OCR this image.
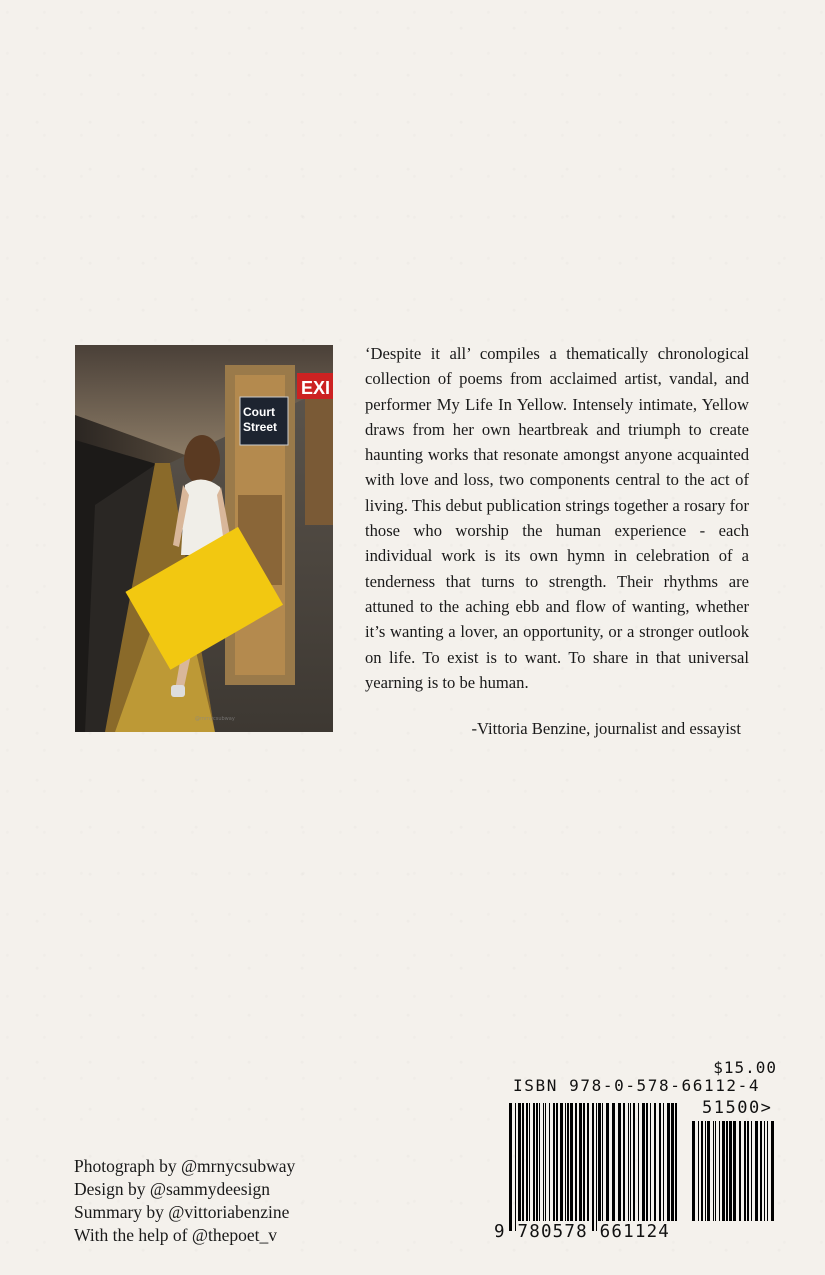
EXI
Court
Street
@mrnycsubway

‘Despite it all’ compiles a thematically chronological collection of poems from acclaimed artist, vandal, and performer My Life In Yellow. Intensely intimate, Yellow draws from her own heartbreak and triumph to create haunting works that resonate amongst anyone acquainted with love and loss, two components central to the act of living. This debut publication strings together a rosary for those who worship the human experience - each individual work is its own hymn in celebration of a tenderness that turns to strength. Their rhythms are attuned to the aching ebb and flow of wanting, whether it’s wanting a lover, an opportunity, or a stronger outlook on life. To exist is to want. To share in that universal yearning is to be human.

-Vittoria Benzine, journalist and essayist
Photograph by @mrnycsubway
Design by @sammydeesign
Summary by @vittoriabenzine
With the help of @thepoet_v
$15.00
ISBN 978-0-578-66112-4
51500>
9 780578 661124
